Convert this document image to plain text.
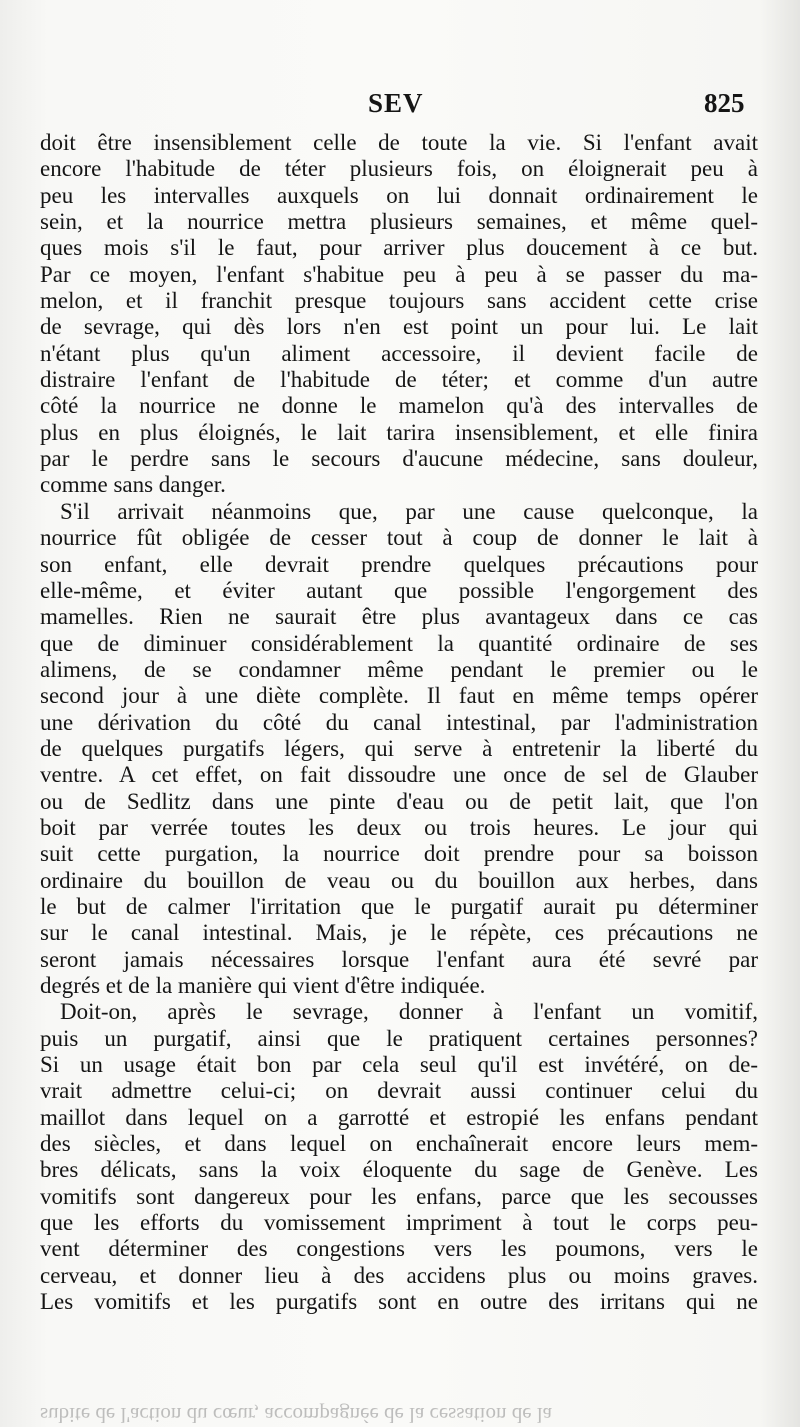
SEV	825
doit être insensiblement celle de toute la vie. Si l'enfant avait
encore l'habitude de téter plusieurs fois, on éloignerait peu à
peu les intervalles auxquels on lui donnait ordinairement le
sein, et la nourrice mettra plusieurs semaines, et même quel-
ques mois s'il le faut, pour arriver plus doucement à ce but.
Par ce moyen, l'enfant s'habitue peu à peu à se passer du ma-
melon, et il franchit presque toujours sans accident cette crise
de sevrage, qui dès lors n'en est point un pour lui. Le lait
n'étant plus qu'un aliment accessoire, il devient facile de
distraire l'enfant de l'habitude de téter; et comme d'un autre
côté la nourrice ne donne le mamelon qu'à des intervalles de
plus en plus éloignés, le lait tarira insensiblement, et elle finira
par le perdre sans le secours d'aucune médecine, sans douleur,
comme sans danger.
S'il arrivait néanmoins que, par une cause quelconque, la
nourrice fût obligée de cesser tout à coup de donner le lait à
son enfant, elle devrait prendre quelques précautions pour
elle-même, et éviter autant que possible l'engorgement des
mamelles. Rien ne saurait être plus avantageux dans ce cas
que de diminuer considérablement la quantité ordinaire de ses
alimens, de se condamner même pendant le premier ou le
second jour à une diète complète. Il faut en même temps opérer
une dérivation du côté du canal intestinal, par l'administration
de quelques purgatifs légers, qui serve à entretenir la liberté du
ventre. A cet effet, on fait dissoudre une once de sel de Glauber
ou de Sedlitz dans une pinte d'eau ou de petit lait, que l'on
boit par verrée toutes les deux ou trois heures. Le jour qui
suit cette purgation, la nourrice doit prendre pour sa boisson
ordinaire du bouillon de veau ou du bouillon aux herbes, dans
le but de calmer l'irritation que le purgatif aurait pu déterminer
sur le canal intestinal. Mais, je le répète, ces précautions ne
seront jamais nécessaires lorsque l'enfant aura été sevré par
degrés et de la manière qui vient d'être indiquée.
Doit-on, après le sevrage, donner à l'enfant un vomitif,
puis un purgatif, ainsi que le pratiquent certaines personnes?
Si un usage était bon par cela seul qu'il est invétéré, on de-
vrait admettre celui-ci; on devrait aussi continuer celui du
maillot dans lequel on a garrotté et estropié les enfans pendant
des siècles, et dans lequel on enchaînerait encore leurs mem-
bres délicats, sans la voix éloquente du sage de Genève. Les
vomitifs sont dangereux pour les enfans, parce que les secousses
que les efforts du vomissement impriment à tout le corps peu-
vent déterminer des congestions vers les poumons, vers le
cerveau, et donner lieu à des accidens plus ou moins graves.
Les vomitifs et les purgatifs sont en outre des irritans qui ne
subite de l'action du cœur, accompagnée de la cessation de la
